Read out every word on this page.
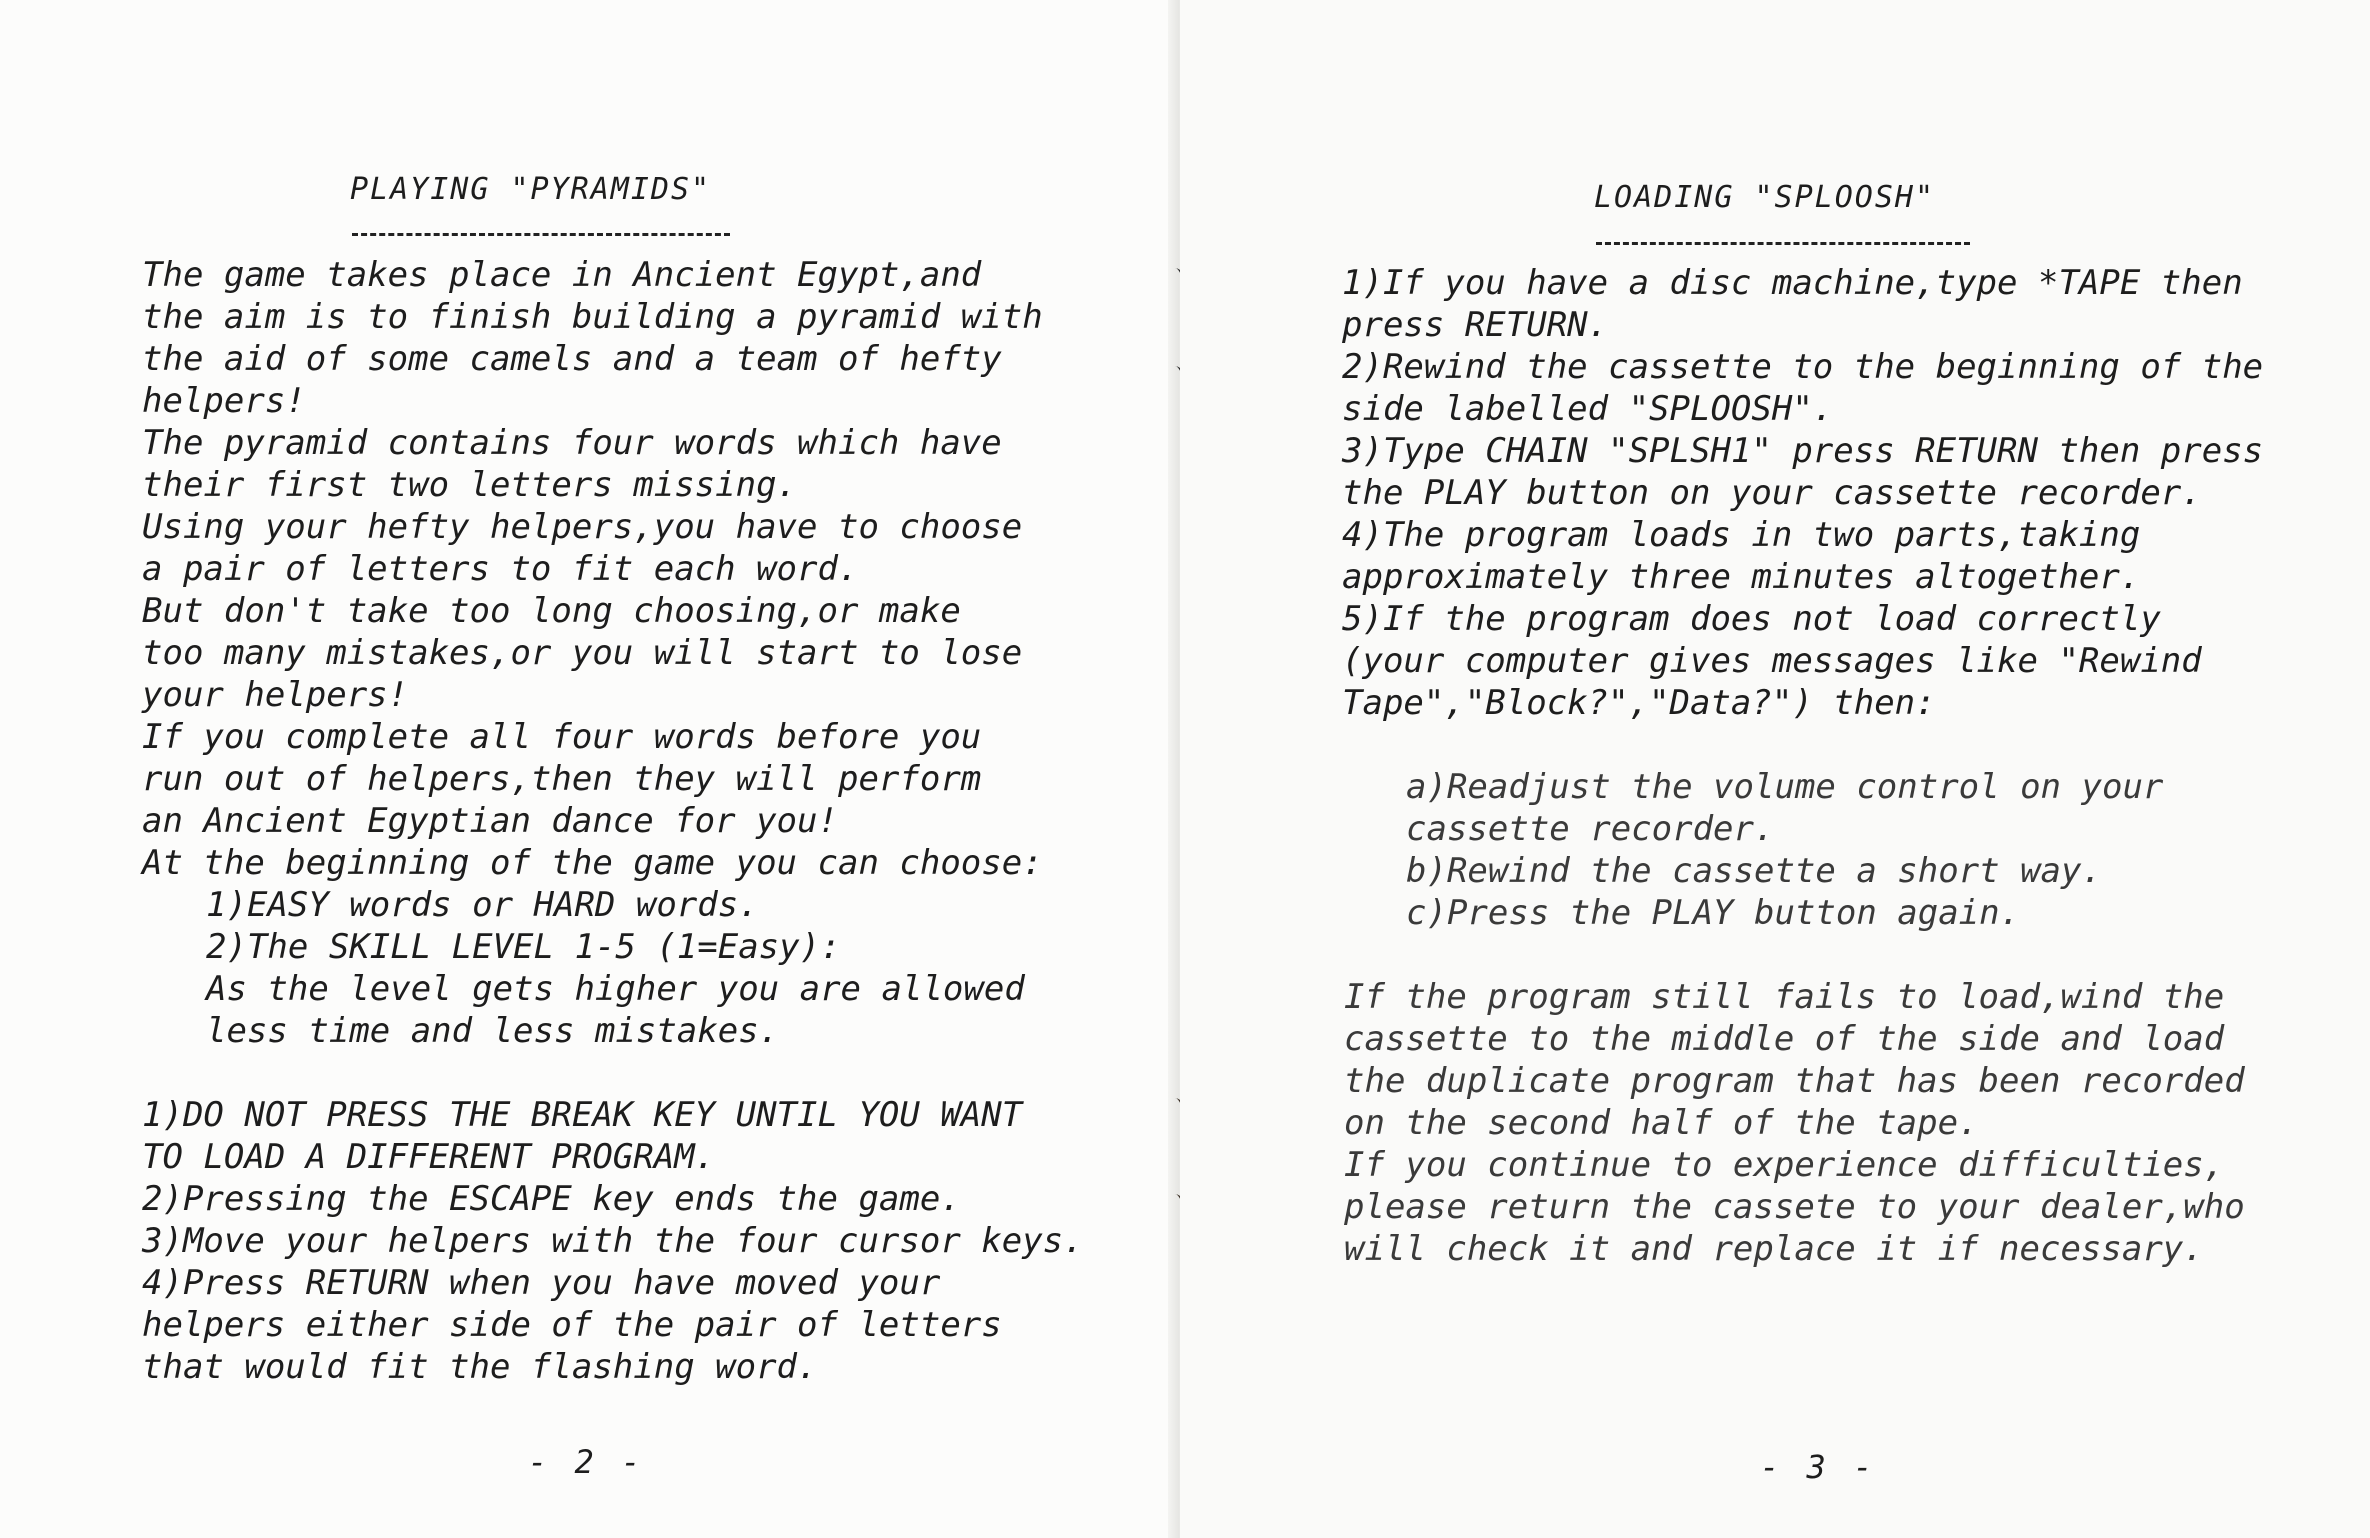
PLAYING "PYRAMIDS"
The game takes place in Ancient Egypt,and
the aim is to finish building a pyramid with
the aid of some camels and a team of hefty
helpers!
The pyramid contains four words which have
their first two letters missing.
Using your hefty helpers,you have to choose
a pair of letters to fit each word.
But don't take too long choosing,or make
too many mistakes,or you will start to lose
your helpers!
If you complete all four words before you
run out of helpers,then they will perform
an Ancient Egyptian dance for you!
At the beginning of the game you can choose:
1)EASY words or HARD words.
2)The SKILL LEVEL 1-5 (1=Easy):
As the level gets higher you are allowed
less time and less mistakes.
1)DO NOT PRESS THE BREAK KEY UNTIL YOU WANT
TO LOAD A DIFFERENT PROGRAM.
2)Pressing the ESCAPE key ends the game.
3)Move your helpers with the four cursor keys.
4)Press RETURN when you have moved your
helpers either side of the pair of letters
that would fit the flashing word.
- 2 -
LOADING "SPLOOSH"
1)If you have a disc machine,type *TAPE then
press RETURN.
2)Rewind the cassette to the beginning of the
side labelled "SPLOOSH".
3)Type CHAIN "SPLSH1" press RETURN then press
the PLAY button on your cassette recorder.
4)The program loads in two parts,taking
approximately three minutes altogether.
5)If the program does not load correctly
(your computer gives messages like "Rewind
Tape","Block?","Data?") then:
a)Readjust the volume control on your
cassette recorder.
b)Rewind the cassette a short way.
c)Press the PLAY button again.
If the program still fails to load,wind the
cassette to the middle of the side and load
the duplicate program that has been recorded
on the second half of the tape.
If you continue to experience difficulties,
please return the cassete to your dealer,who
will check it and replace it if necessary.
- 3 -
